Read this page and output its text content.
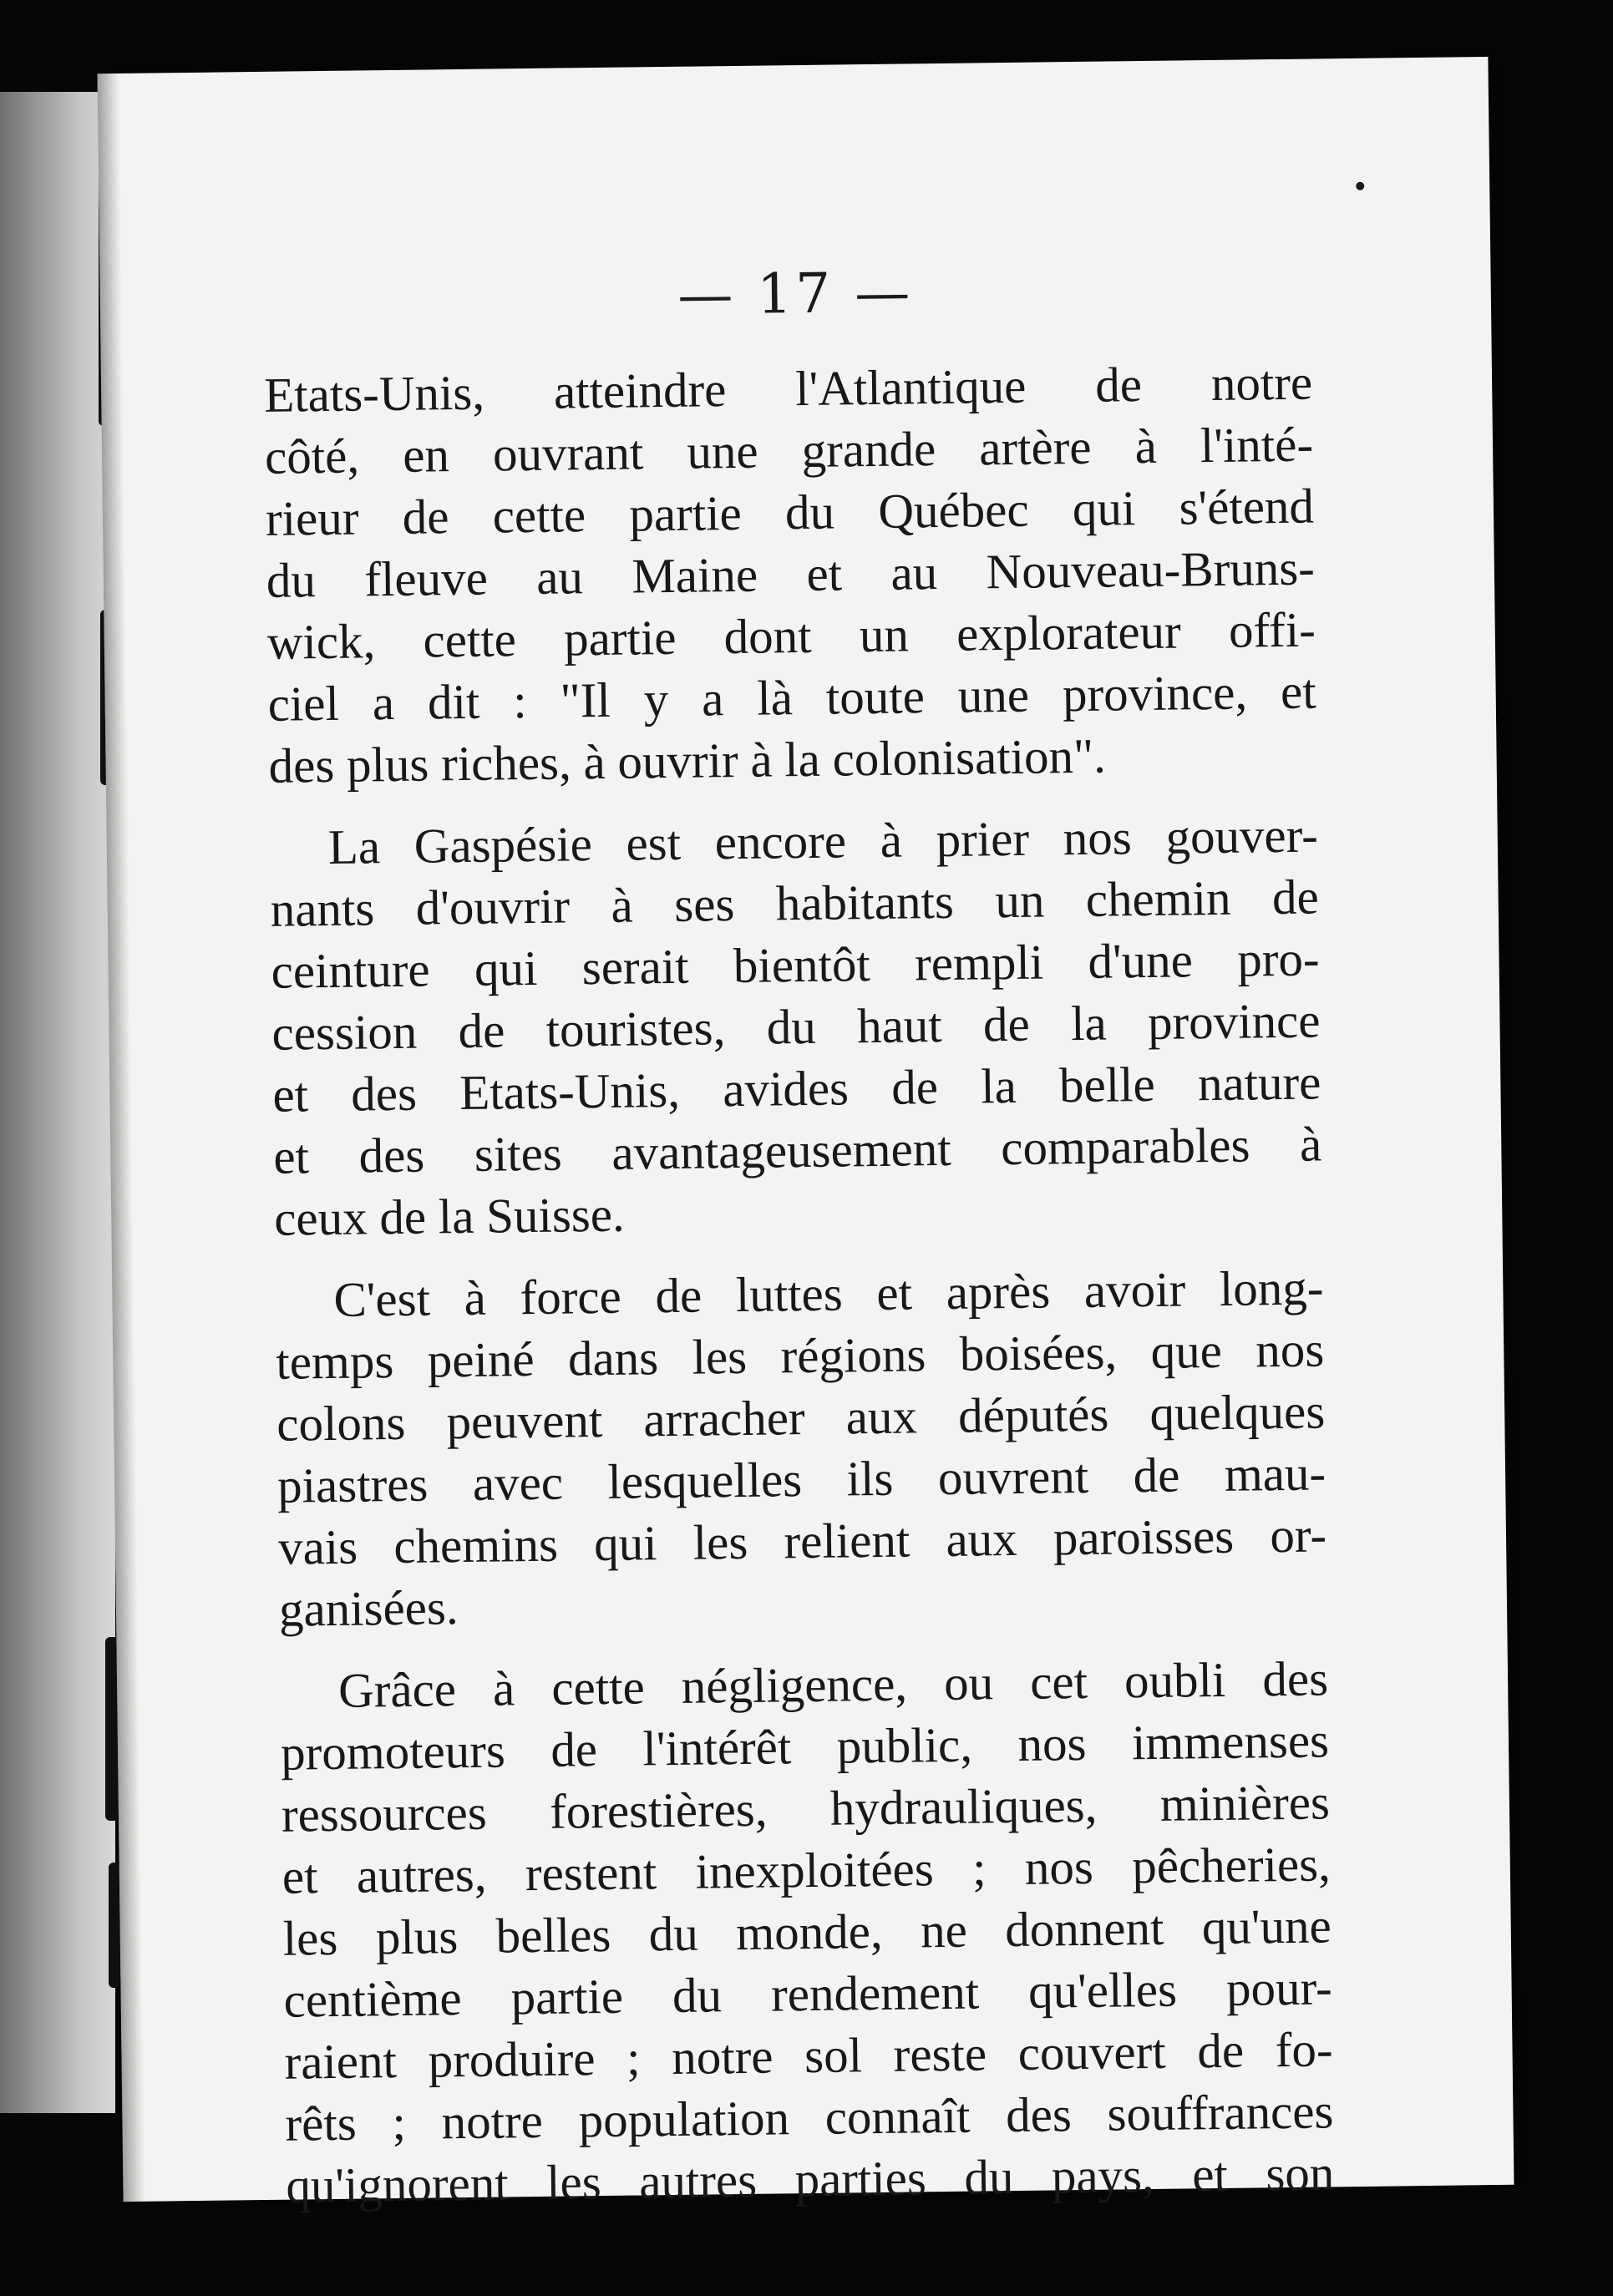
— 17 —
Etats-Unis, atteindre l'Atlantique de notre
côté, en ouvrant une grande artère à l'inté-
rieur de cette partie du Québec qui s'étend
du fleuve au Maine et au Nouveau-Bruns-
wick, cette partie dont un explorateur offi-
ciel a dit : "Il y a là toute une province, et
des plus riches, à ouvrir à la colonisation".
La Gaspésie est encore à prier nos gouver-
nants d'ouvrir à ses habitants un chemin de
ceinture qui serait bientôt rempli d'une pro-
cession de touristes, du haut de la province
et des Etats-Unis, avides de la belle nature
et des sites avantageusement comparables à
ceux de la Suisse.
C'est à force de luttes et après avoir long-
temps peiné dans les régions boisées, que nos
colons peuvent arracher aux députés quelques
piastres avec lesquelles ils ouvrent de mau-
vais chemins qui les relient aux paroisses or-
ganisées.
Grâce à cette négligence, ou cet oubli des
promoteurs de l'intérêt public, nos immenses
ressources forestières, hydrauliques, minières
et autres, restent inexploitées ; nos pêcheries,
les plus belles du monde, ne donnent qu'une
centième partie du rendement qu'elles pour-
raient produire ; notre sol reste couvert de fo-
rêts ; notre population connaît des souffrances
qu'ignorent les autres parties du pays, et son
